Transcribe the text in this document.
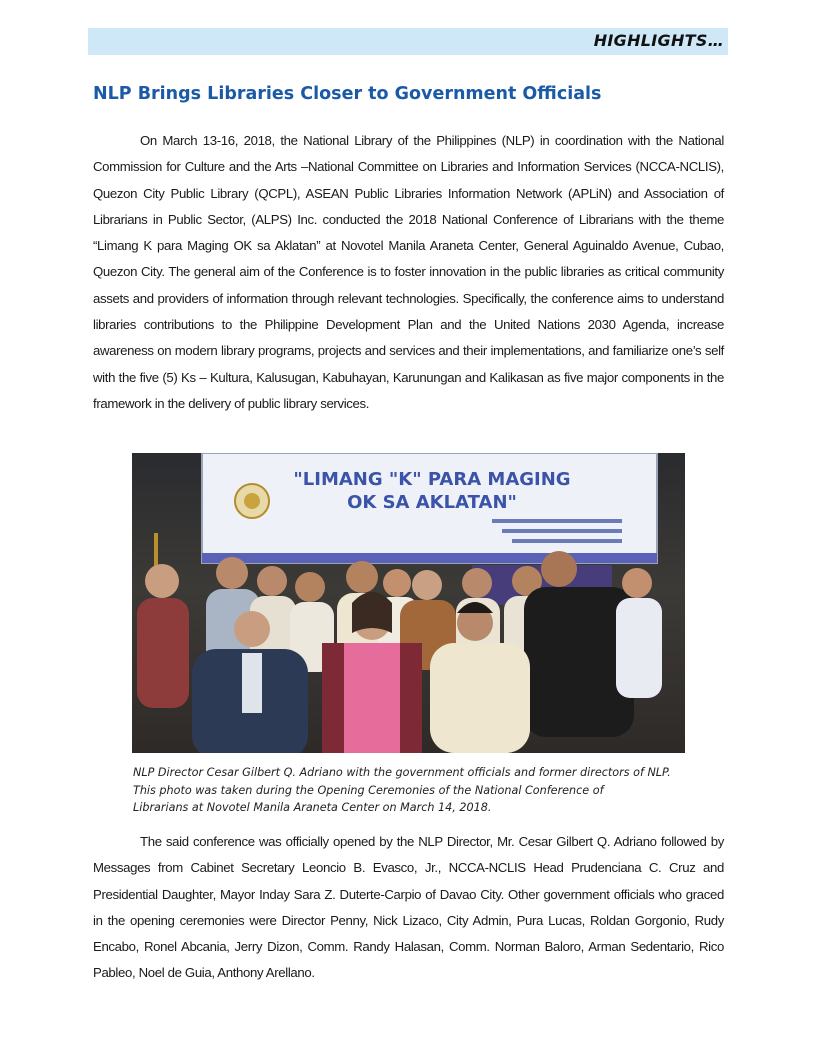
HIGHLIGHTS…
NLP Brings Libraries Closer to Government Officials

On March 13-16, 2018, the National Library of the Philippines (NLP) in coordination with the National Commission for Culture and the Arts –National Committee on Libraries and Information Services (NCCA-NCLIS), Quezon City Public Library (QCPL), ASEAN Public Libraries Information Network (APLiN) and Association of Librarians in Public Sector, (ALPS) Inc. conducted the 2018 National Conference of Librarians with the theme “Limang K para Maging OK sa Aklatan” at Novotel Manila Araneta Center, General Aguinaldo Avenue, Cubao, Quezon City. The general aim of the Conference is to foster innovation in the public libraries as critical community assets and providers of information through relevant technologies. Specifically, the conference aims to understand libraries contributions to the Philippine Development Plan and the United Nations 2030 Agenda, increase awareness on modern library programs, projects and services and their implementations, and familiarize one’s self with the five (5) Ks – Kultura, Kalusugan, Kabuhayan, Karunungan and Kalikasan as five major components in the framework in the delivery of public library services.

"LIMANG "K" PARA MAGING
OK SA AKLATAN"
NLP Director Cesar Gilbert Q. Adriano with the government officials and former directors of NLP.
This photo was taken during the Opening Ceremonies of the National Conference of
Librarians at Novotel Manila Araneta Center on March 14, 2018.

The said conference was officially opened by the NLP Director, Mr. Cesar Gilbert Q. Adriano followed by Messages from Cabinet Secretary Leoncio B. Evasco, Jr., NCCA-NCLIS Head Prudenciana C. Cruz and Presidential Daughter, Mayor Inday Sara Z. Duterte-Carpio of Davao City. Other government officials who graced in the opening ceremonies were Director Penny, Nick Lizaco, City Admin, Pura Lucas, Roldan Gorgonio, Rudy Encabo, Ronel Abcania, Jerry Dizon, Comm. Randy Halasan, Comm. Norman Baloro, Arman Sedentario, Rico Pableo, Noel de Guia, Anthony Arellano.
